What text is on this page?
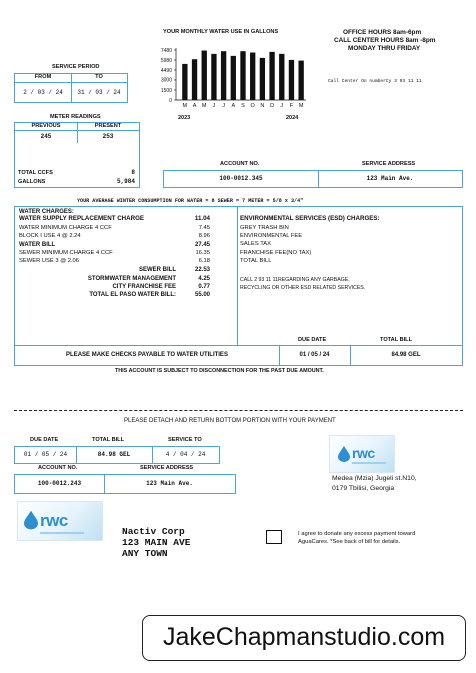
YOUR MONTHLY WATER USE IN GALLONS
0
1500
3000
4490
5980
7480
M A M J J A S O N D J F M
2023	2024
OFFICE HOURS 8am-6pm
CALL CENTER HOURS 8am -8pm
MONDAY THRU FRIDAY
Call Center On numberCy 3 93 11 11
SERVICE PERIOD
FROM	TO
2 / 03 / 24	31 / 03 / 24
METER READINGS
PREVIOUS	PRESENT
245	253
TOTAL CCFS	8
GALLONS	5,984
ACCOUNT NO.	SERVICE ADDRESS
100-0012.345	123 Main Ave.
YOUR AVERAGE WINTER CONSUMPTION FOR WATER = 8 SEWER = 7 METER = 5/8 x 3/4"
WATER CHARGES:
WATER SUPPLY REPLACEMENT CHARGE	11.04
WATER MINIMUM CHARGE 4 CCF	7.45
BLOCK I USE 4 @ 2.24	8.96
WATER BILL	27.45
SEWER MINIMUM CHARGE 4 CCF	16.35
SEWER USE 3 @ 2.06	6.18
SEWER BILL	22.53
STORMWATER MANAGEMENT	4.25
CITY FRANCHISE FEE	0.77
TOTAL EL PASO WATER BILL:	55.00
ENVIRONMENTAL SERVICES (ESD) CHARGES:
GREY TRASH BIN
ENVIRONMENTAL FEE
SALES TAX
FRANCHISE FEE(NO TAX)
TOTAL BILL
CALL 2 93 11 11REGARDING ANY GARBAGE,
RECYCLING OR OTHER ESD RELATED SERVICES.
DUE DATE	TOTAL BILL
PLEASE MAKE CHECKS PAYABLE TO WATER UTILITIES	01 / 05 / 24	84.98 GEL
THIS ACCOUNT IS SUBJECT TO DISCONNECTION FOR THE PAST DUE AMOUNT.
PLEASE DETACH AND RETURN BOTTOM PORTION WITH YOUR PAYMENT
DUE DATE	TOTAL BILL	SERVICE TO
01 / 05 / 24	84.98 GEL	4 / 04 / 24
ACCOUNT NO.	SERVICE ADDRESS
100-0012.243	123 Main Ave.
rwc
Medea (Mzia) Jugeli st.N10,
0179 Tbilisi, Georgia
rwc
Nactiv Corp
123 MAIN AVE
ANY TOWN
I agree to donate any excess payment toward
AguaCares. *See back of bill for details.
JakeChapmanstudio.com
